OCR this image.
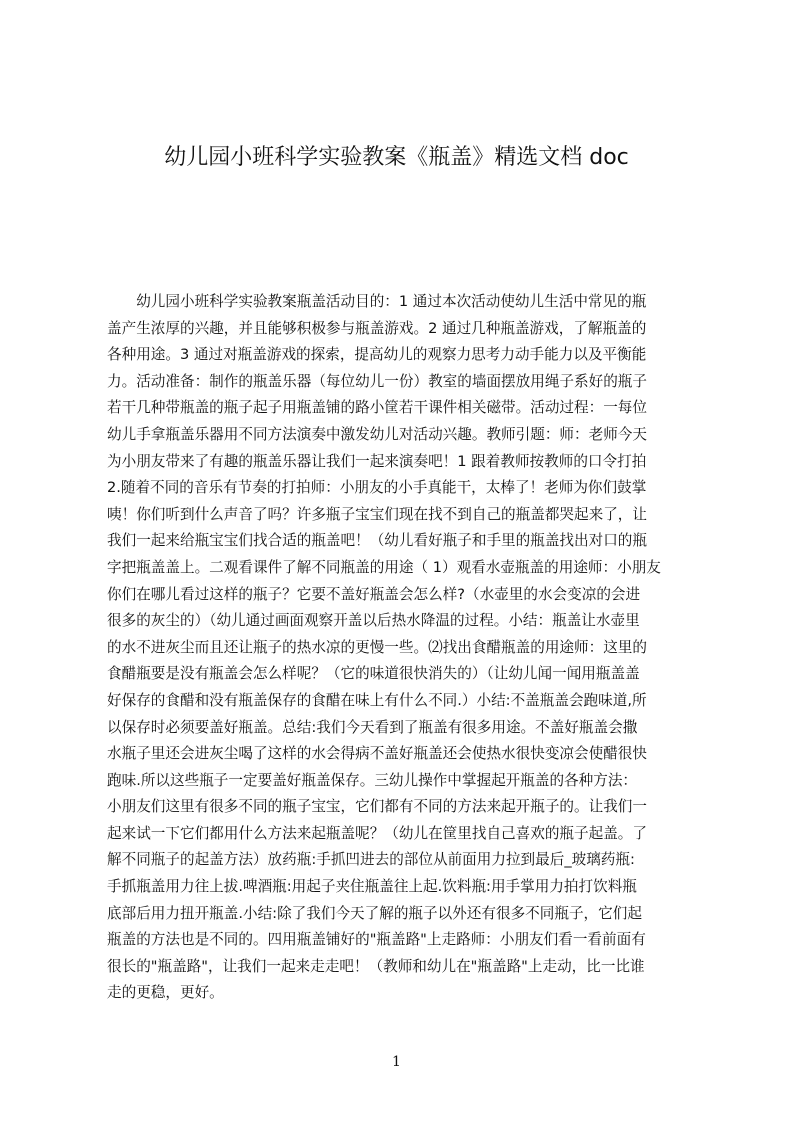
幼儿园小班科学实验教案《瓶盖》精选文档 doc
　　幼儿园小班科学实验教案瓶盖活动目的：1 通过本次活动使幼儿生活中常见的瓶
盖产生浓厚的兴趣，并且能够积极参与瓶盖游戏。2 通过几种瓶盖游戏，了解瓶盖的
各种用途。3 通过对瓶盖游戏的探索，提高幼儿的观察力思考力动手能力以及平衡能
力。活动准备：制作的瓶盖乐器（每位幼儿一份）教室的墙面摆放用绳子系好的瓶子
若干几种带瓶盖的瓶子起子用瓶盖铺的路小筐若干课件相关磁带。活动过程：一每位
幼儿手拿瓶盖乐器用不同方法演奏中激发幼儿对活动兴趣。教师引题：师：老师今天
为小朋友带来了有趣的瓶盖乐器让我们一起来演奏吧！1 跟着教师按教师的口令打拍
2.随着不同的音乐有节奏的打拍师：小朋友的小手真能干，太棒了！老师为你们鼓掌
咦！你们听到什么声音了吗？许多瓶子宝宝们现在找不到自己的瓶盖都哭起来了，让
我们一起来给瓶宝宝们找合适的瓶盖吧！（幼儿看好瓶子和手里的瓶盖找出对口的瓶
字把瓶盖盖上。二观看课件了解不同瓶盖的用途（ 1）观看水壶瓶盖的用途师：小朋友
你们在哪儿看过这样的瓶子？它要不盖好瓶盖会怎么样?（水壶里的水会变凉的会进
很多的灰尘的）（幼儿通过画面观察开盖以后热水降温的过程。小结：瓶盖让水壶里
的水不进灰尘而且还让瓶子的热水凉的更慢一些。⑵找出食醋瓶盖的用途师：这里的
食醋瓶要是没有瓶盖会怎么样呢？（它的味道很快消失的）（让幼儿闻一闻用瓶盖盖
好保存的食醋和没有瓶盖保存的食醋在味上有什么不同.）小结:不盖瓶盖会跑味道,所
以保存时必须要盖好瓶盖。总结:我们今天看到了瓶盖有很多用途。不盖好瓶盖会撒
水瓶子里还会进灰尘喝了这样的水会得病不盖好瓶盖还会使热水很快变凉会使醋很快
跑味.所以这些瓶子一定要盖好瓶盖保存。三幼儿操作中掌握起开瓶盖的各种方法：
小朋友们这里有很多不同的瓶子宝宝，它们都有不同的方法来起开瓶子的。让我们一
起来试一下它们都用什么方法来起瓶盖呢？（幼儿在筐里找自己喜欢的瓶子起盖。了
解不同瓶子的起盖方法）放药瓶:手抓凹进去的部位从前面用力拉到最后_玻璃药瓶:
手抓瓶盖用力往上拔.啤酒瓶:用起子夹住瓶盖往上起.饮料瓶:用手掌用力拍打饮料瓶
底部后用力扭开瓶盖.小结:除了我们今天了解的瓶子以外还有很多不同瓶子，它们起
瓶盖的方法也是不同的。四用瓶盖铺好的"瓶盖路"上走路师：小朋友们看一看前面有
很长的"瓶盖路"，让我们一起来走走吧！（教师和幼儿在"瓶盖路"上走动，比一比谁
走的更稳，更好。
1
